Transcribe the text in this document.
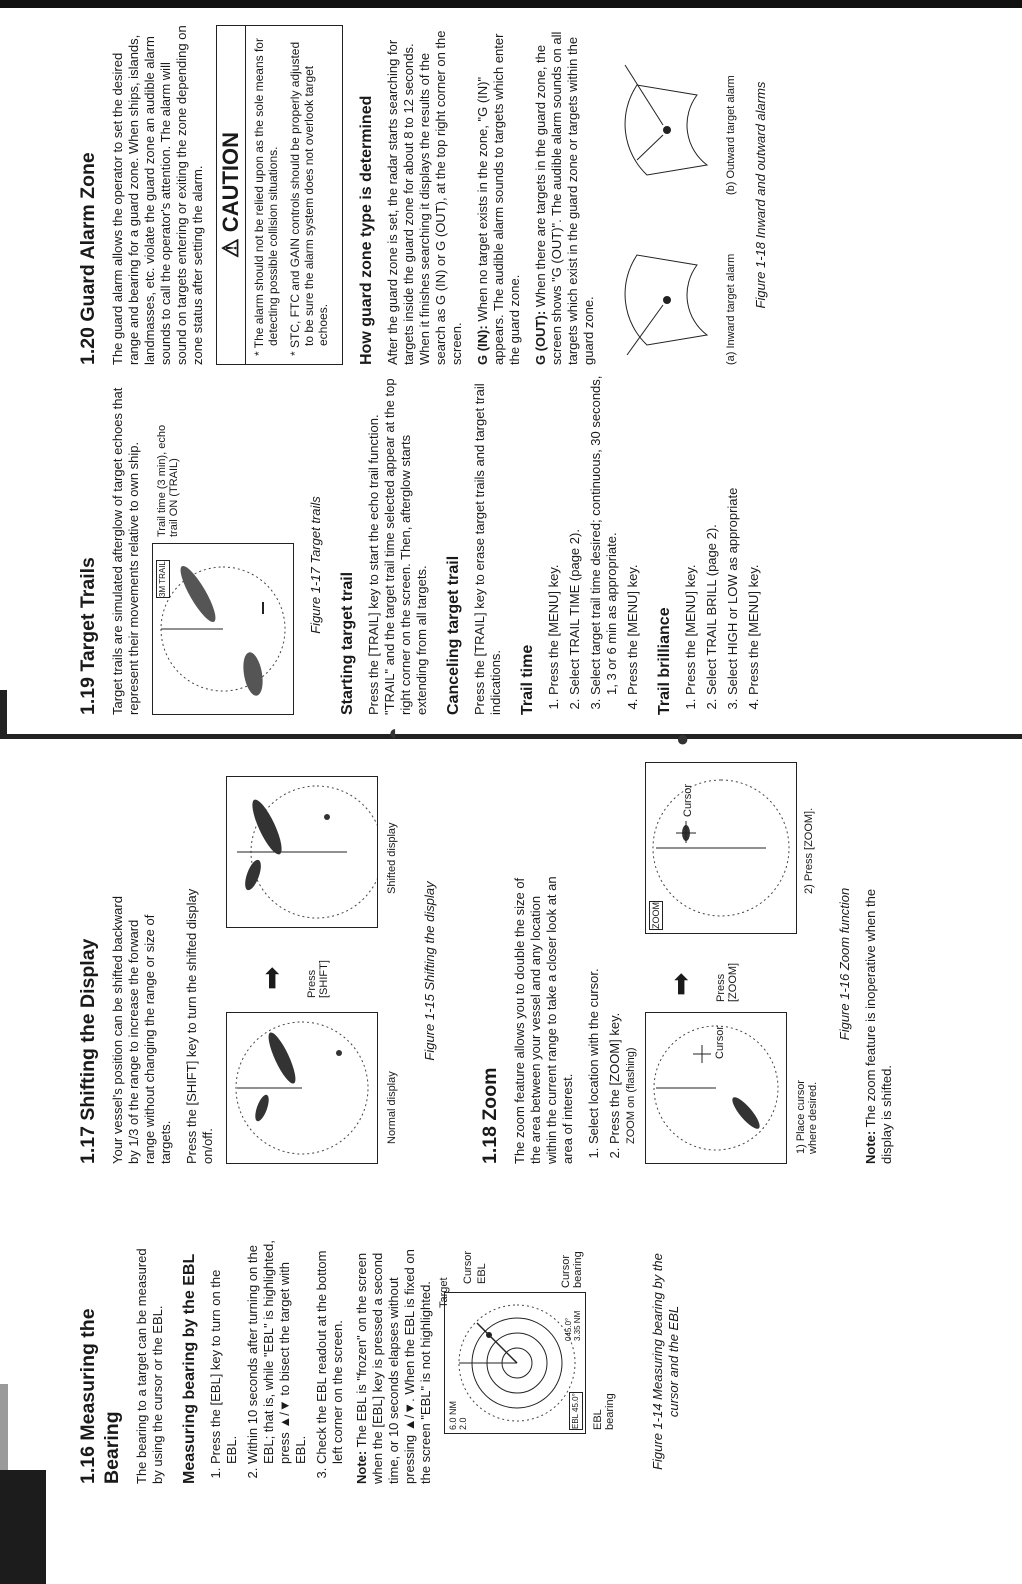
◖	●
1.16 Measuring the Bearing The bearing to a target can be measured by using the cursor or the EBL. Measuring bearing by the EBL 1. Press the [EBL] key to turn on the EBL. 2. Within 10 seconds after turning on the EBL; that is, while "EBL" is highlighted, press ▲/▼ to bisect the target with EBL. 3. Check the EBL readout at the bottom left corner on the screen.

Note: The EBL is "frozen" on the screen when the [EBL] key is pressed a second time, or 10 seconds elapses without pressing ▲/▼. When the EBL is fixed on the screen "EBL" is not highlighted. 6.0 NM 2.0	EBL 45.0°
045.0° 3.35 NM
Target
Cursor EBL	Cursor bearing
EBL bearing	Figure 1-14 Measuring bearing by the cursor and the EBL
1.17 Shifting the Display Your vessel's position can be shifted backward by 1/3 of the range to increase the forward range without changing the range or size of targets. Press the [SHIFT] key to turn the shifted display on/off.

➡ Press [SHIFT]
Normal display
Shifted display
Figure 1-15 Shifting the display
1.18 Zoom The zoom feature allows you to double the size of the area between your vessel and any location within the current range to take a closer look at an area of interest. 1. Select location with the cursor. 2. Press the [ZOOM] key. ZOOM on (flashing)
Cursor
➡ Press [ZOOM]
ZOOM
Cursor
1) Place cursor where desired.
2) Press [ZOOM].
Figure 1-16 Zoom function

Note: The zoom feature is inoperative when the display is shifted.

1.19 Target Trails Target trails are simulated afterglow of target echoes that represent their movements relative to own ship. 3M TRAIL
Trail time (3 min), echo trail ON (TRAIL)	Figure 1-17 Target trails
Starting target trail Press the [TRAIL] key to start the echo trail function. "TRAIL" and the target trail time selected appear at the top right corner on the screen. Then, afterglow starts extending from all targets. Canceling target trail Press the [TRAIL] key to erase target trails and target trail indications. Trail time 1. Press the [MENU] key. 2. Select TRAIL TIME (page 2). 3. Select target trail time desired; continuous, 30 seconds, 1, 3 or 6 min as appropriate. 4. Press the [MENU] key. Trail brilliance 1. Press the [MENU] key. 2. Select TRAIL BRILL (page 2). 3. Select HIGH or LOW as appropriate 4. Press the [MENU] key.
1.20 Guard Alarm Zone The guard alarm allows the operator to set the desired range and bearing for a guard zone. When ships, islands, landmasses, etc. violate the guard zone an audible alarm sounds to call the operator's attention. The alarm will sound on targets entering or exiting the zone depending on zone status after setting the alarm. ⚠ CAUTION
* The alarm should not be relied upon as the sole means for detecting possible collision situations.
* STC, FTC and GAIN controls should be properly adjusted to be sure the alarm system does not overlook target echoes. How guard zone type is determined After the guard zone is set, the radar starts searching for targets inside the guard zone for about 8 to 12 seconds. When it finishes searching it displays the results of the search as G (IN) or G (OUT), at the top right corner on the screen. G (IN): When no target exists in the zone, "G (IN)" appears. The audible alarm sounds to targets which enter the guard zone. G (OUT): When there are targets in the guard zone, the screen shows "G (OUT)". The audible alarm sounds on all targets which exist in the guard zone or targets within the guard zone.	(a) Inward target alarm
(b) Outward target alarm Figure 1-18 Inward and outward alarms
